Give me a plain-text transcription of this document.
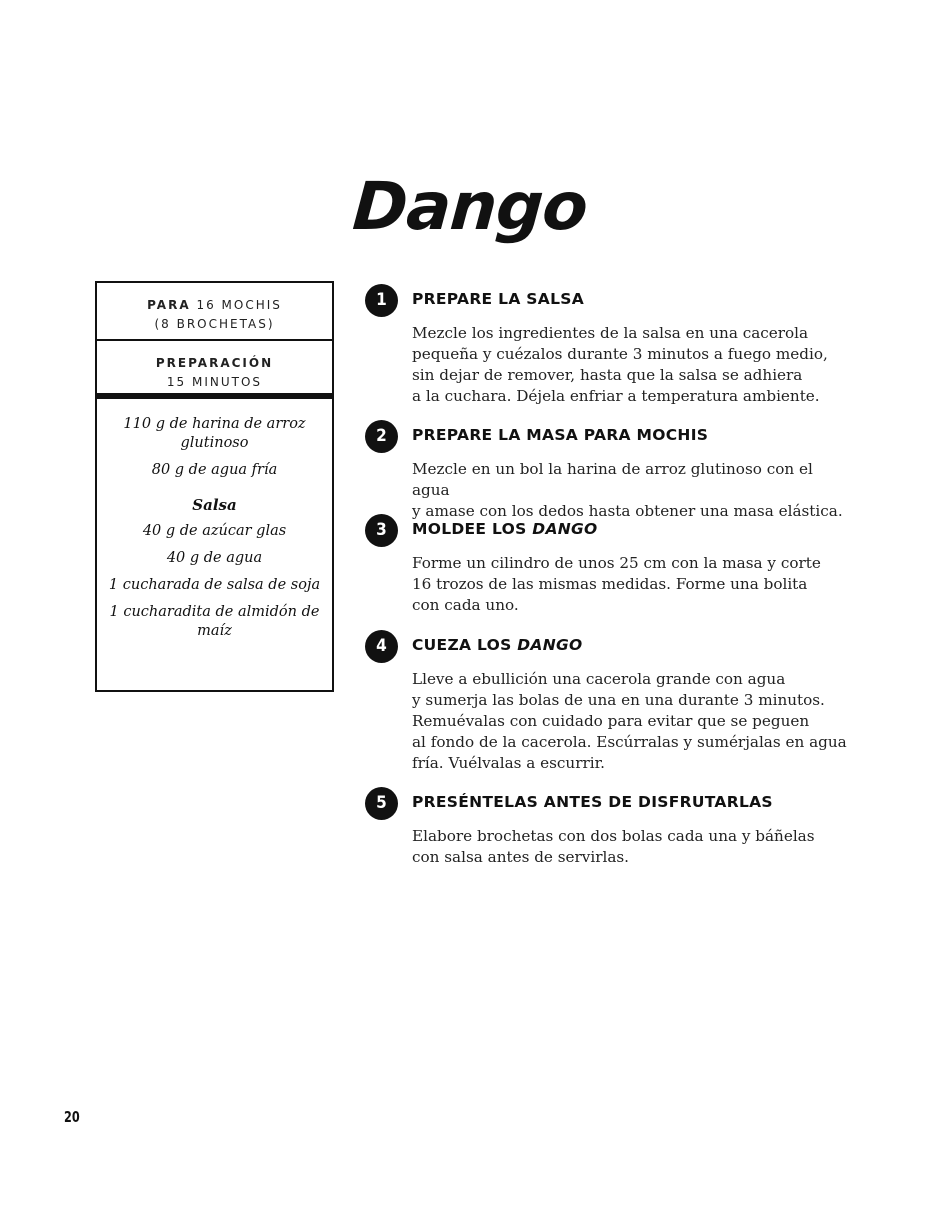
Dango
PARA 16 MOCHIS
(8 BROCHETAS)
PREPARACIÓN
15 MINUTOS
110 g de harina de arroz glutinoso
80 g de agua fría
Salsa
40 g de azúcar glas
40 g de agua
1 cucharada de salsa de soja
1 cucharadita de almidón de maíz
1	PREPARE LA SALSA
Mezcle los ingredientes de la salsa en una cacerola
pequeña y cuézalos durante 3 minutos a fuego medio,
sin dejar de remover, hasta que la salsa se adhiera
a la cuchara. Déjela enfriar a temperatura ambiente.
2	PREPARE LA MASA PARA MOCHIS
Mezcle en un bol la harina de arroz glutinoso con el agua
y amase con los dedos hasta obtener una masa elástica.
3	MOLDEE LOS DANGO
Forme un cilindro de unos 25 cm con la masa y corte
16 trozos de las mismas medidas. Forme una bolita
con cada uno.
4	CUEZA LOS DANGO
Lleve a ebullición una cacerola grande con agua
y sumerja las bolas de una en una durante 3 minutos.
Remuévalas con cuidado para evitar que se peguen
al fondo de la cacerola. Escúrralas y sumérjalas en agua
fría. Vuélvalas a escurrir.
5	PRESÉNTELAS ANTES DE DISFRUTARLAS
Elabore brochetas con dos bolas cada una y báñelas
con salsa antes de servirlas.
20
